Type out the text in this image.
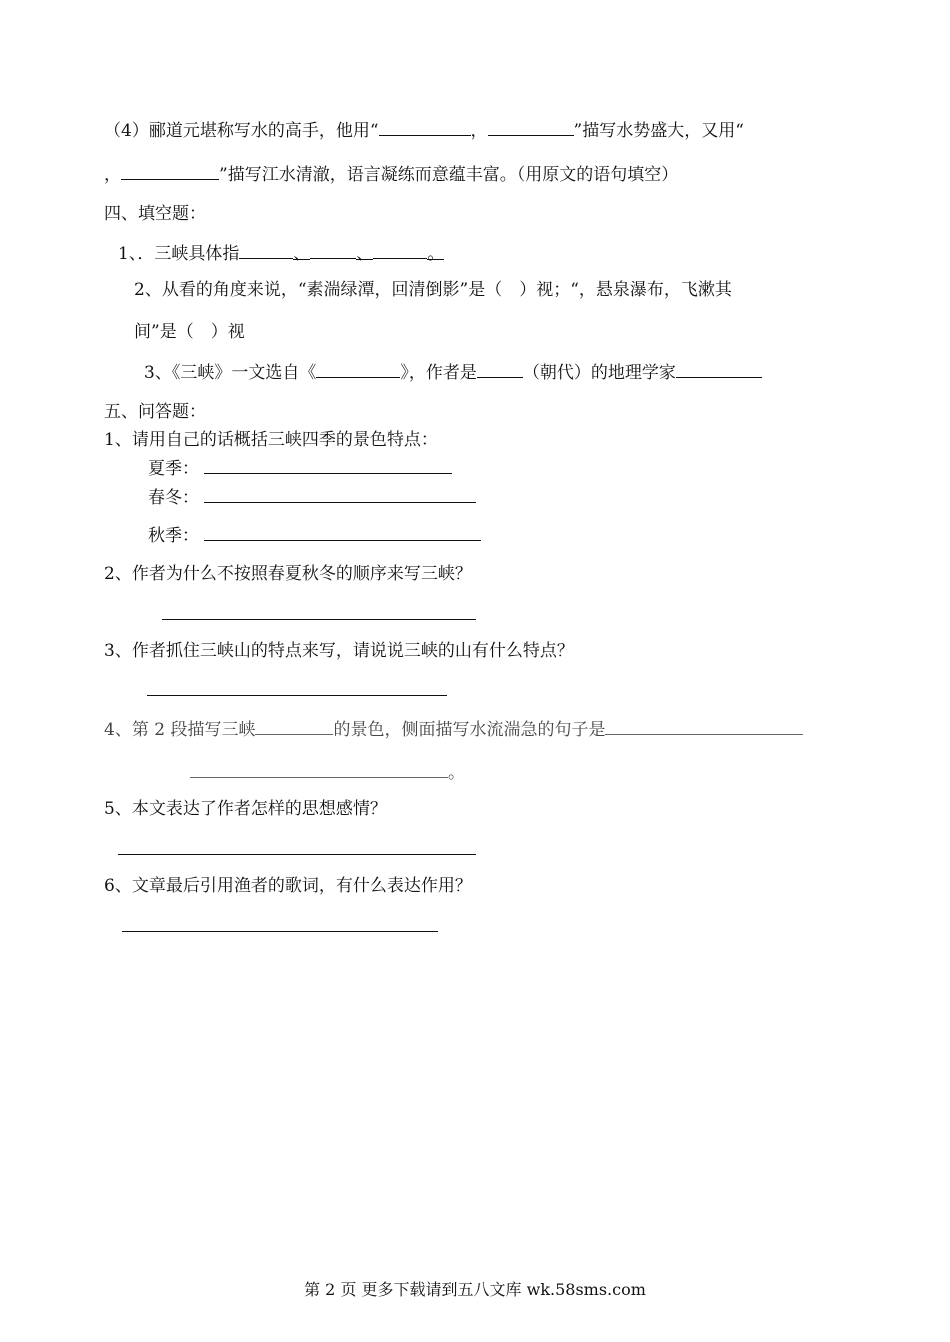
（4）郦道元堪称写水的高手，他用“	，	”描写水势盛大，又用“
，	”描写江水清澈，语言凝练而意蕴丰富。（用原文的语句填空）
四、填空题：
1、．三峡具体指	、	、	。
2、从看的角度来说，“素湍绿潭，回清倒影”是（　）视；“，悬泉瀑布，飞漱其
间”是（　）视
3、《三峡》一文选自《	》，作者是	（朝代）的地理学家
五、问答题：
1、请用自己的话概括三峡四季的景色特点：
夏季：
春冬：
秋季：
2、作者为什么不按照春夏秋冬的顺序来写三峡？
3、作者抓住三峡山的特点来写，请说说三峡的山有什么特点？
4、第 2 段描写三峡	的景色，侧面描写水流湍急的句子是
。
5、本文表达了作者怎样的思想感情？
6、文章最后引用渔者的歌词，有什么表达作用？
第 2 页 更多下载请到五八文库 wk.58sms.com
